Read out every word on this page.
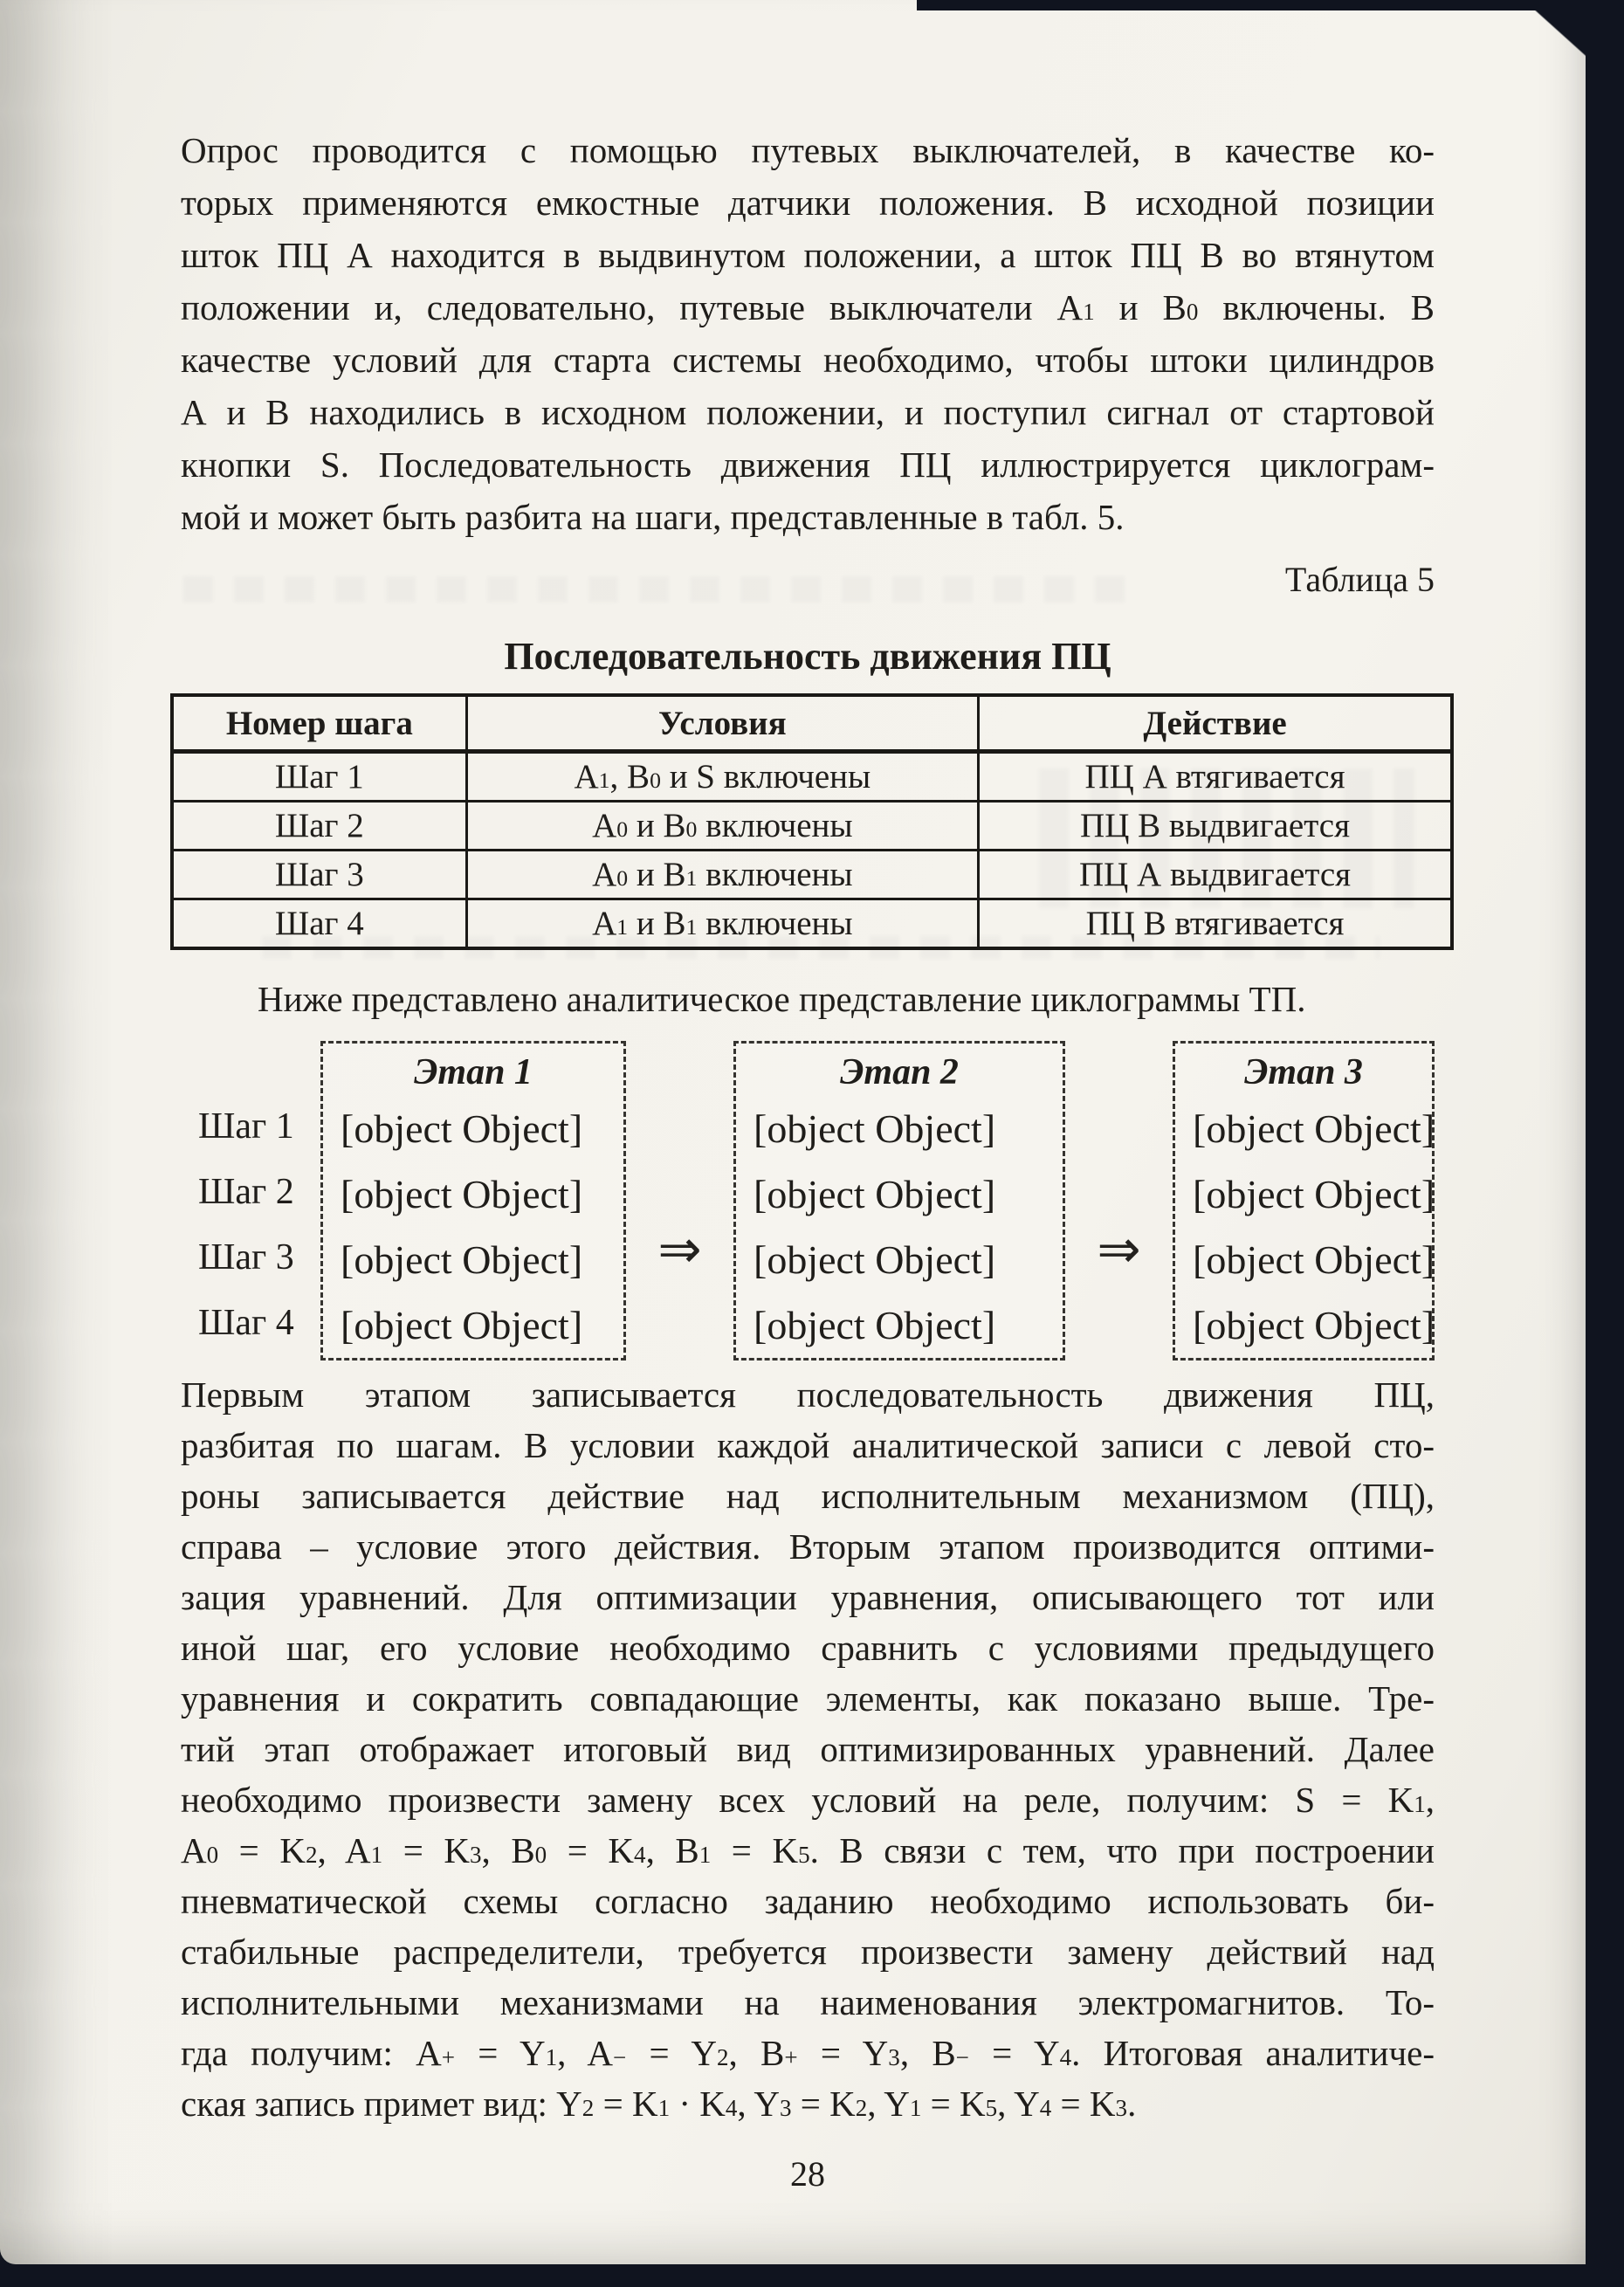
Опрос проводится с помощью путевых выключателей, в качестве ко-
торых применяются емкостные датчики положения. В исходной позиции
шток ПЦ А находится в выдвинутом положении, а шток ПЦ В во втянутом
положении и, следовательно, путевые выключатели $A_1$ и $B_0$ включены. В
качестве условий для старта системы необходимо, чтобы штоки цилиндров
А и В находились в исходном положении, и поступил сигнал от стартовой
кнопки S. Последовательность движения ПЦ иллюстрируется циклограм-
мой и может быть разбита на шаги, представленные в табл. 5.
Таблица 5
Последовательность движения ПЦ
Номер шага	Условия	Действие
Шаг 1	$A_1$, $B_0$ и S включены	ПЦ А втягивается
Шаг 2	$A_0$ и $B_0$ включены	ПЦ В выдвигается
Шаг 3	$A_0$ и $B_1$ включены	ПЦ А выдвигается
Шаг 4	$A_1$ и $B_1$ включены	ПЦ В втягивается
Ниже представлено аналитическое представление циклограммы ТП.
Шаг 1
Шаг 2
Шаг 3
Шаг 4
Этап 1
[object Object]
[object Object]
[object Object]
[object Object]
Этап 2
[object Object]
[object Object]
[object Object]
[object Object]
Этап 3
[object Object]
[object Object]
[object Object]
[object Object]
⇒	⇒
Первым этапом записывается последовательность движения ПЦ,
разбитая по шагам. В условии каждой аналитической записи с левой сто-
роны записывается действие над исполнительным механизмом (ПЦ),
справа – условие этого действия. Вторым этапом производится оптими-
зация уравнений. Для оптимизации уравнения, описывающего тот или
иной шаг, его условие необходимо сравнить с условиями предыдущего
уравнения и сократить совпадающие элементы, как показано выше. Тре-
тий этап отображает итоговый вид оптимизированных уравнений. Далее
необходимо произвести замену всех условий на реле, получим: $S = K_1$,
$A_0 = K_2$, $A_1 = K_3$, $B_0 = K_4$, $B_1 = K_5$. В связи с тем, что при построении
пневматической схемы согласно заданию необходимо использовать би-
стабильные распределители, требуется произвести замену действий над
исполнительными механизмами на наименования электромагнитов. То-
гда получим: $A^+ = Y_1$, $A^- = Y_2$, $B^+ = Y_3$, $B^- = Y_4$. Итоговая аналитиче-
ская запись примет вид: $Y_2 = K_1 \cdot K_4$, $Y_3 = K_2$, $Y_1 = K_5$, $Y_4 = K_3$.
28
